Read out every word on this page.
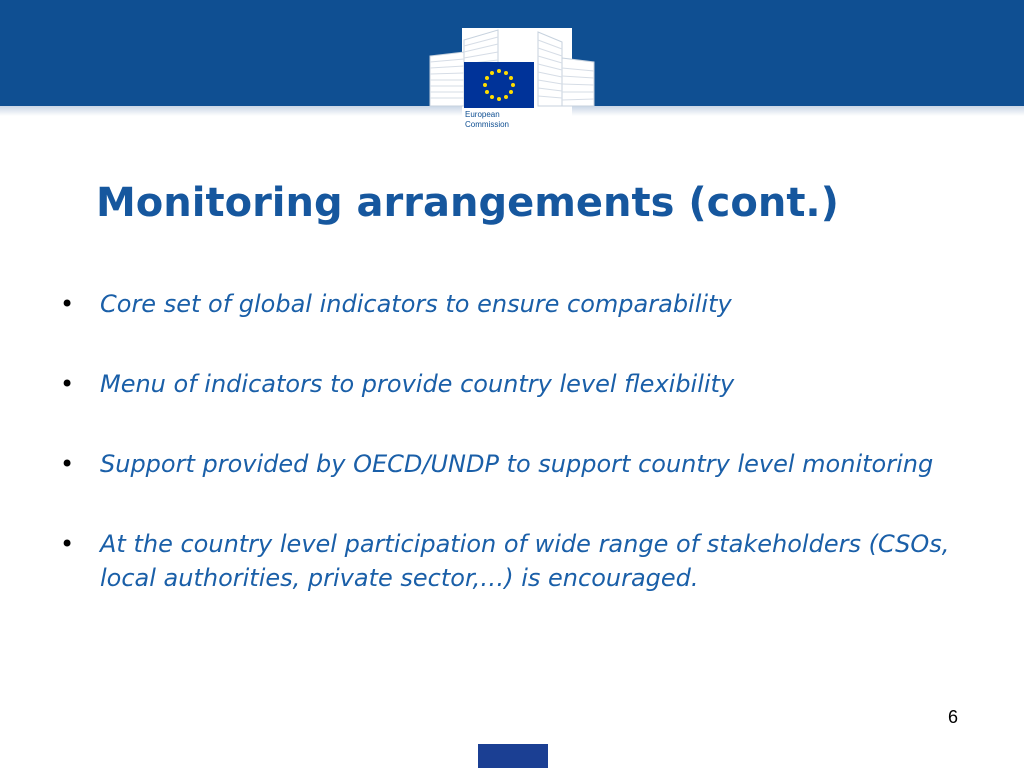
European
Commission
Monitoring arrangements (cont.)
• Core set of global indicators to ensure comparability
• Menu of indicators to provide country level flexibility
• Support provided by OECD/UNDP to support country level monitoring
• At the country level participation of wide range of stakeholders (CSOs, local authorities, private sector,…) is encouraged.
6
